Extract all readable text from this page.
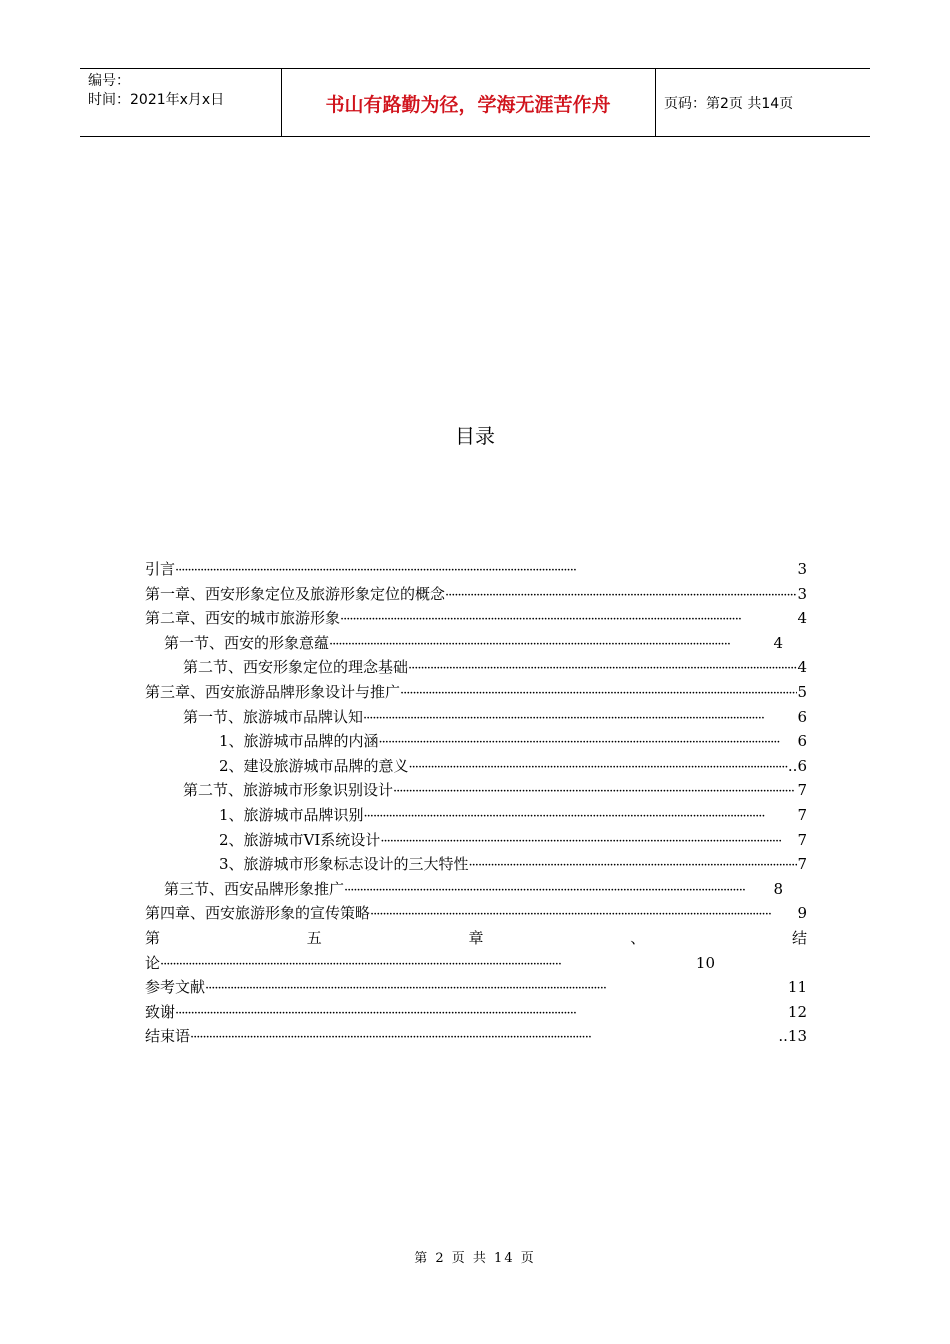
编号：
时间：2021年x月x日	书山有路勤为径，学海无涯苦作舟	页码：第2页 共14页
目录
引言 ·····	3
第一章、西安形象定位及旅游形象定位的概念 ·····	3
第二章、西安的城市旅游形象 ·····	4
第一节、西安的形象意蕴 ·····	4
第二节、西安形象定位的理念基础 ·····	4
第三章、西安旅游品牌形象设计与推广 ·····	5
第一节、旅游城市品牌认知 ·····	6
1、旅游城市品牌的内涵 ·····	6
2、建设旅游城市品牌的意义 ·····	..6
第二节、旅游城市形象识别设计 ·····	7
1、旅游城市品牌识别 ·····	7
2、旅游城市VI系统设计 ·····	7
3、旅游城市形象标志设计的三大特性 ·····	7
第三节、西安品牌形象推广 ·····	8
第四章、西安旅游形象的宣传策略 ·····	9
第	五	章	、	结
论 ·····	10
参考文献 ·····	11
致谢 ·····	12
结束语 ·····	..13
第 2 页 共 14 页
